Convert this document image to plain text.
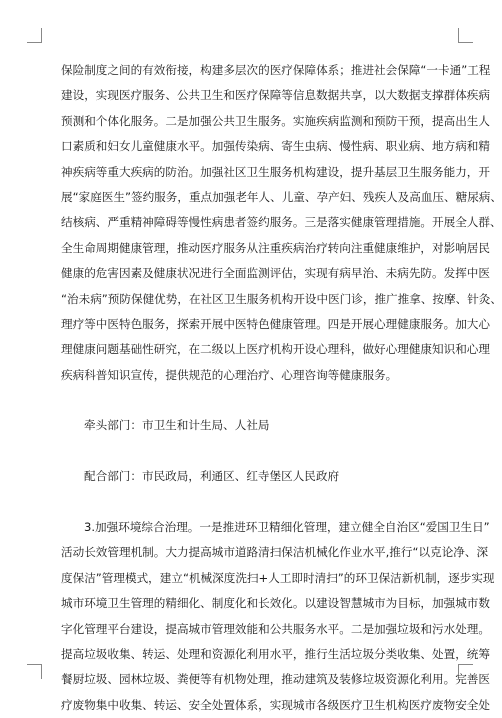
保险制度之间的有效衔接，构建多层次的医疗保障体系；推进社会保障“一卡通”工程
建设，实现医疗服务、公共卫生和医疗保障等信息数据共享，以大数据支撑群体疾病
预测和个体化服务。二是加强公共卫生服务。实施疾病监测和预防干预，提高出生人
口素质和妇女儿童健康水平。加强传染病、寄生虫病、慢性病、职业病、地方病和精
神疾病等重大疾病的防治。加强社区卫生服务机构建设，提升基层卫生服务能力，开
展“家庭医生”签约服务，重点加强老年人、儿童、孕产妇、残疾人及高血压、糖尿病、
结核病、严重精神障碍等慢性病患者签约服务。三是落实健康管理措施。开展全人群、
全生命周期健康管理，推动医疗服务从注重疾病治疗转向注重健康维护，对影响居民
健康的危害因素及健康状况进行全面监测评估，实现有病早治、未病先防。发挥中医
“治未病”预防保健优势，在社区卫生服务机构开设中医门诊，推广推拿、按摩、针灸、
理疗等中医特色服务，探索开展中医特色健康管理。四是开展心理健康服务。加大心
理健康问题基础性研究，在二级以上医疗机构开设心理科，做好心理健康知识和心理
疾病科普知识宣传，提供规范的心理治疗、心理咨询等健康服务。
牵头部门：市卫生和计生局、人社局
配合部门：市民政局，利通区、红寺堡区人民政府
3.加强环境综合治理。一是推进环卫精细化管理，建立健全自治区“爱国卫生日”
活动长效管理机制。大力提高城市道路清扫保洁机械化作业水平,推行“以克论净、深
度保洁”管理模式，建立“机械深度洗扫+人工即时清扫”的环卫保洁新机制，逐步实现
城市环境卫生管理的精细化、制度化和长效化。以建设智慧城市为目标，加强城市数
字化管理平台建设，提高城市管理效能和公共服务水平。二是加强垃圾和污水处理。
提高垃圾收集、转运、处理和资源化利用水平，推行生活垃圾分类收集、处置，统筹
餐厨垃圾、园林垃圾、粪便等有机物处理，推动建筑及装修垃圾资源化利用。完善医
疗废物集中收集、转运、安全处置体系，实现城市各级医疗卫生机构医疗废物安全处
